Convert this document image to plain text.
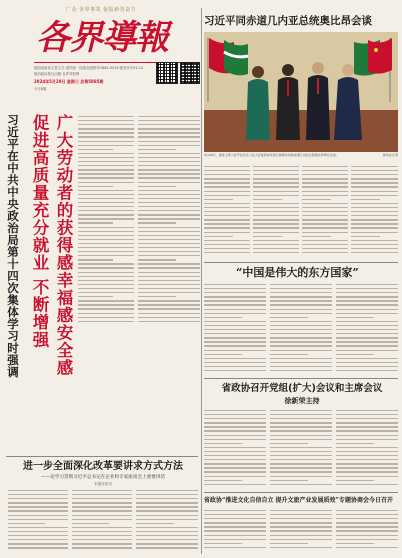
广众 各界事業 促振新各奋力
各界導報
陕西省政协主管主办 国内统一连续出版物号CN61-0019 邮发代号51-14
陕西政协报社出版 各界导报网
2024年5月29日 星期三 总第5885期
今日8版
习近平同赤道几内亚总统奥比昂会谈
5月28日，国家主席习近平在北京人民大会堂同来华进行国事访问的赤道几内亚总统奥比昂举行会谈。	新华社记者
广大劳动者的获得感幸福感安全感
促进高质量充分就业 不断增强
习近平在中共中央政治局第十四次集体学习时强调	“中国是伟大的东方国家”
省政协召开党组(扩大)会议和主席会议
徐新荣主持
省政协“推进文化自信自立 提升文旅产业发展质效”专题协商会今日召开
进一步全面深化改革要讲求方式方法
——论学习贯彻习近平总书记在企业和专家座谈会上重要讲话
本报评论员
